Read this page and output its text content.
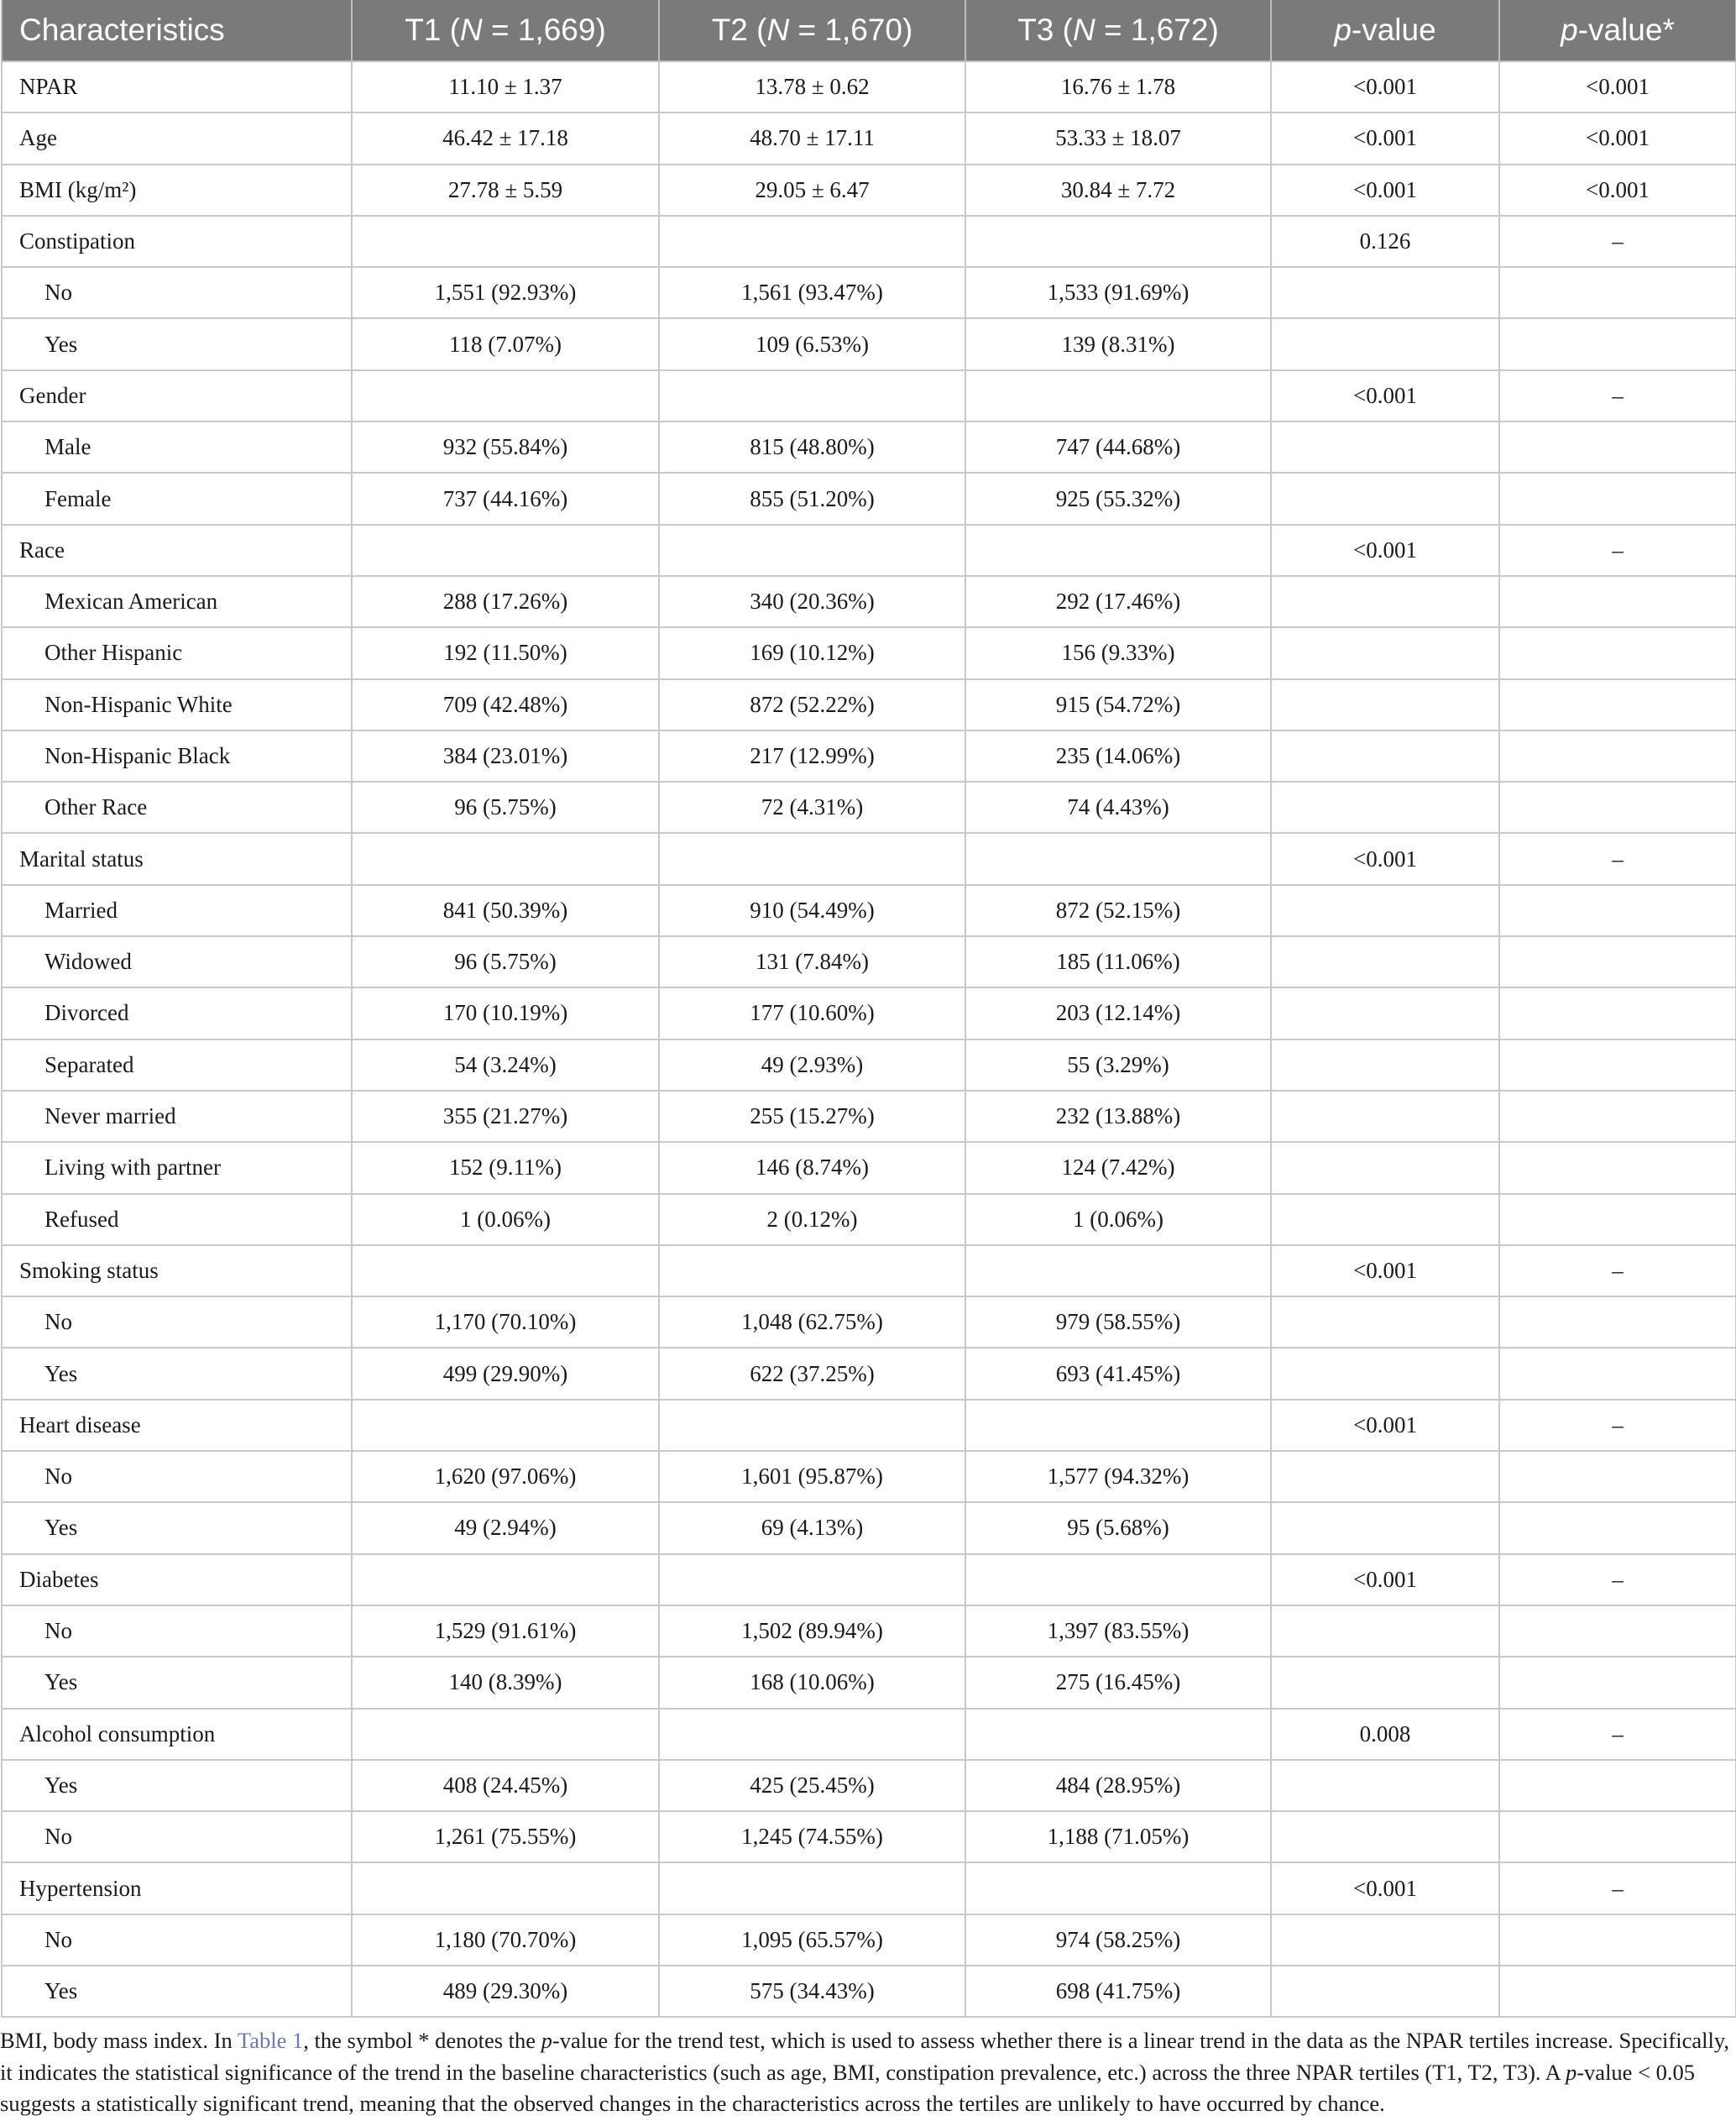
Characteristics	T1 (N = 1,669)	T2 (N = 1,670)	T3 (N = 1,672)	p-value	p-value*
NPAR	11.10 ± 1.37	13.78 ± 0.62	16.76 ± 1.78	<0.001	<0.001
Age	46.42 ± 17.18	48.70 ± 17.11	53.33 ± 18.07	<0.001	<0.001
BMI (kg/m²)	27.78 ± 5.59	29.05 ± 6.47	30.84 ± 7.72	<0.001	<0.001
Constipation				0.126	–
No	1,551 (92.93%)	1,561 (93.47%)	1,533 (91.69%)		
Yes	118 (7.07%)	109 (6.53%)	139 (8.31%)		
Gender				<0.001	–
Male	932 (55.84%)	815 (48.80%)	747 (44.68%)		
Female	737 (44.16%)	855 (51.20%)	925 (55.32%)		
Race				<0.001	–
Mexican American	288 (17.26%)	340 (20.36%)	292 (17.46%)		
Other Hispanic	192 (11.50%)	169 (10.12%)	156 (9.33%)		
Non-Hispanic White	709 (42.48%)	872 (52.22%)	915 (54.72%)		
Non-Hispanic Black	384 (23.01%)	217 (12.99%)	235 (14.06%)		
Other Race	96 (5.75%)	72 (4.31%)	74 (4.43%)		
Marital status				<0.001	–
Married	841 (50.39%)	910 (54.49%)	872 (52.15%)		
Widowed	96 (5.75%)	131 (7.84%)	185 (11.06%)		
Divorced	170 (10.19%)	177 (10.60%)	203 (12.14%)		
Separated	54 (3.24%)	49 (2.93%)	55 (3.29%)		
Never married	355 (21.27%)	255 (15.27%)	232 (13.88%)		
Living with partner	152 (9.11%)	146 (8.74%)	124 (7.42%)		
Refused	1 (0.06%)	2 (0.12%)	1 (0.06%)		
Smoking status				<0.001	–
No	1,170 (70.10%)	1,048 (62.75%)	979 (58.55%)		
Yes	499 (29.90%)	622 (37.25%)	693 (41.45%)		
Heart disease				<0.001	–
No	1,620 (97.06%)	1,601 (95.87%)	1,577 (94.32%)		
Yes	49 (2.94%)	69 (4.13%)	95 (5.68%)		
Diabetes				<0.001	–
No	1,529 (91.61%)	1,502 (89.94%)	1,397 (83.55%)		
Yes	140 (8.39%)	168 (10.06%)	275 (16.45%)		
Alcohol consumption				0.008	–
Yes	408 (24.45%)	425 (25.45%)	484 (28.95%)		
No	1,261 (75.55%)	1,245 (74.55%)	1,188 (71.05%)		
Hypertension				<0.001	–
No	1,180 (70.70%)	1,095 (65.57%)	974 (58.25%)		
Yes	489 (29.30%)	575 (34.43%)	698 (41.75%)		
BMI, body mass index. In Table 1, the symbol * denotes the p-value for the trend test, which is used to assess whether there is a linear trend in the data as the NPAR tertiles increase. Specifically, it indicates the statistical significance of the trend in the baseline characteristics (such as age, BMI, constipation prevalence, etc.) across the three NPAR tertiles (T1, T2, T3). A p-value < 0.05 suggests a statistically significant trend, meaning that the observed changes in the characteristics across the tertiles are unlikely to have occurred by chance.
